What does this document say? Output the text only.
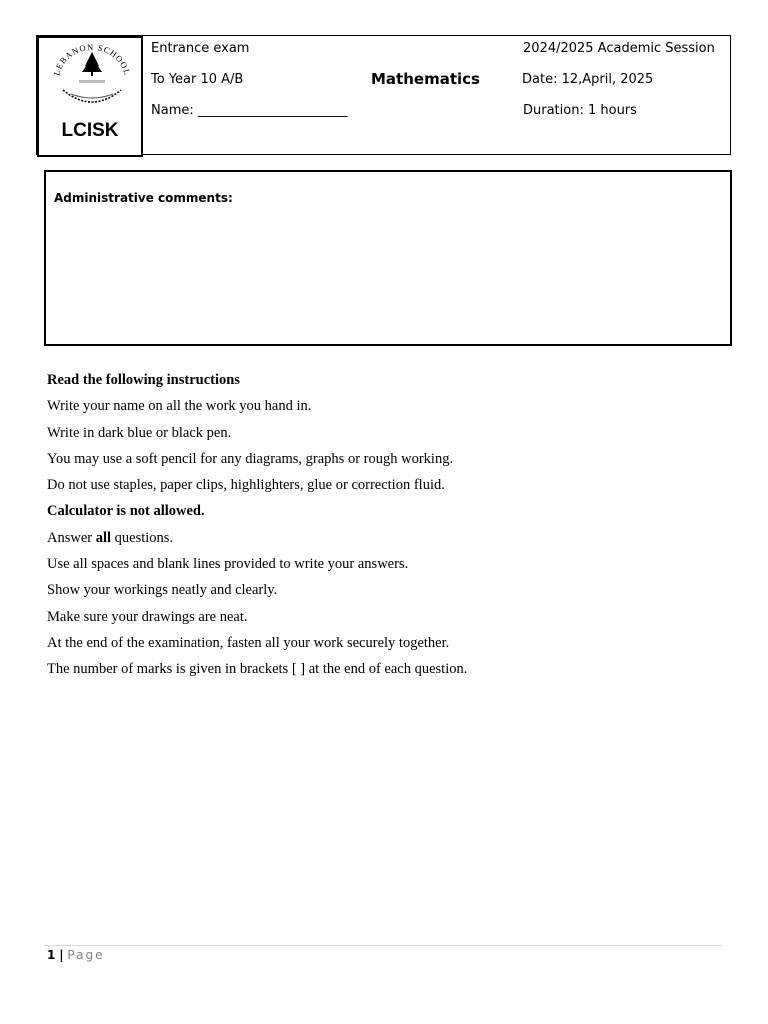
LEBANON SCHOOL
LCISK
Entrance exam
To Year 10 A/B
Name: _______________________
Mathematics
2024/2025 Academic Session
Date: 12,April, 2025
Duration: 1 hours
Administrative comments:
Read the following instructions
Write your name on all the work you hand in.
Write in dark blue or black pen.
You may use a soft pencil for any diagrams, graphs or rough working.
Do not use staples, paper clips, highlighters, glue or correction fluid.
Calculator is not allowed.
Answer all questions.
Use all spaces and blank lines provided to write your answers.
Show your workings neatly and clearly.
Make sure your drawings are neat.
At the end of the examination, fasten all your work securely together.
The number of marks is given in brackets [ ] at the end of each question.
1 | Page
